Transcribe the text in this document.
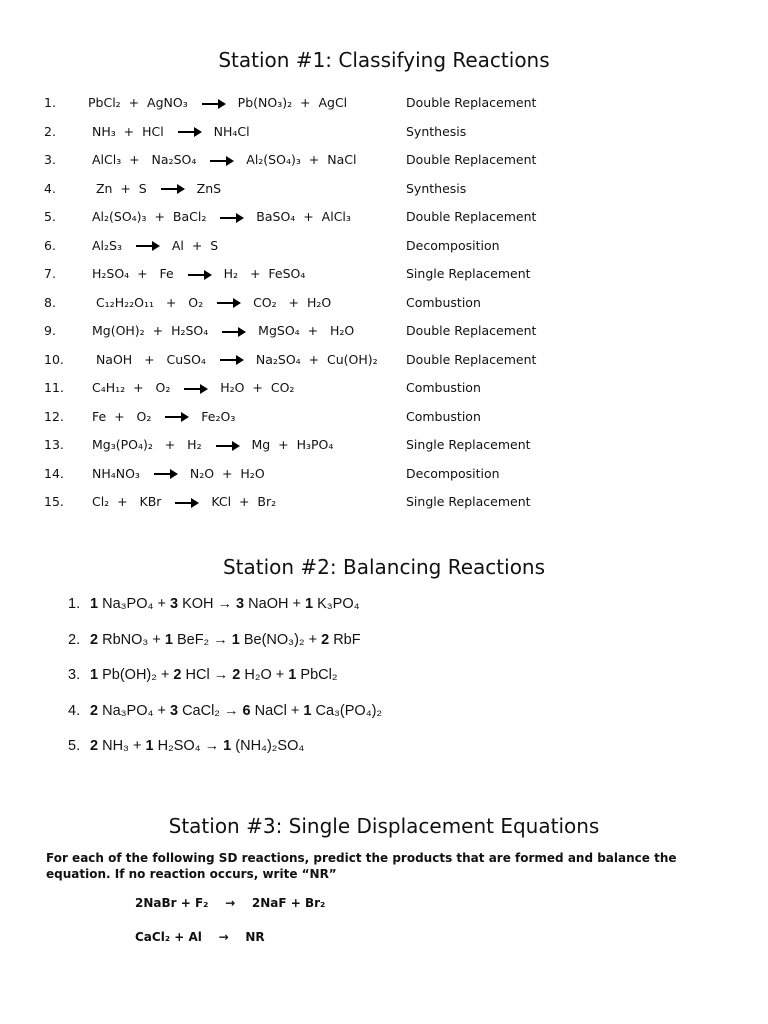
Station #1: Classifying Reactions
1.	PbCl₂  +  AgNO₃	Pb(NO₃)₂  +  AgCl	Double Replacement
2.	NH₃  +  HCl	NH₄Cl	Synthesis
3.	AlCl₃  +   Na₂SO₄	Al₂(SO₄)₃  +  NaCl	Double Replacement
4.	Zn  +  S	ZnS	Synthesis
5.	Al₂(SO₄)₃  +  BaCl₂	BaSO₄  +  AlCl₃	Double Replacement
6.	Al₂S₃	Al  +  S	Decomposition
7.	H₂SO₄  +   Fe	H₂   +  FeSO₄	Single Replacement
8.	C₁₂H₂₂O₁₁   +   O₂	CO₂   +  H₂O	Combustion
9.	Mg(OH)₂  +  H₂SO₄	MgSO₄  +   H₂O	Double Replacement
10. NaOH   +   CuSO₄	Na₂SO₄  +  Cu(OH)₂ Double Replacement
11. C₄H₁₂  +   O₂	H₂O  +  CO₂	Combustion
12. Fe  +   O₂	Fe₂O₃	Combustion
13. Mg₃(PO₄)₂   +   H₂	Mg  +  H₃PO₄	Single Replacement
14. NH₄NO₃	N₂O  +  H₂O	Decomposition
15. Cl₂  +   KBr	KCl  +  Br₂	Single Replacement
Station #2: Balancing Reactions
1. 1 Na₃PO₄ + 3 KOH → 3 NaOH + 1 K₃PO₄
2. 2 RbNO₃ + 1 BeF₂ → 1 Be(NO₃)₂ + 2 RbF
3. 1 Pb(OH)₂ + 2 HCl → 2 H₂O + 1 PbCl₂
4. 2 Na₃PO₄ + 3 CaCl₂ → 6 NaCl + 1 Ca₃(PO₄)₂
5. 2 NH₃ + 1 H₂SO₄ → 1 (NH₄)₂SO₄
Station #3: Single Displacement Equations
For each of the following SD reactions, predict the products that are formed and balance the equation. If no reaction occurs, write “NR”
2NaBr + F₂    →    2NaF + Br₂
CaCl₂ + Al    →    NR
